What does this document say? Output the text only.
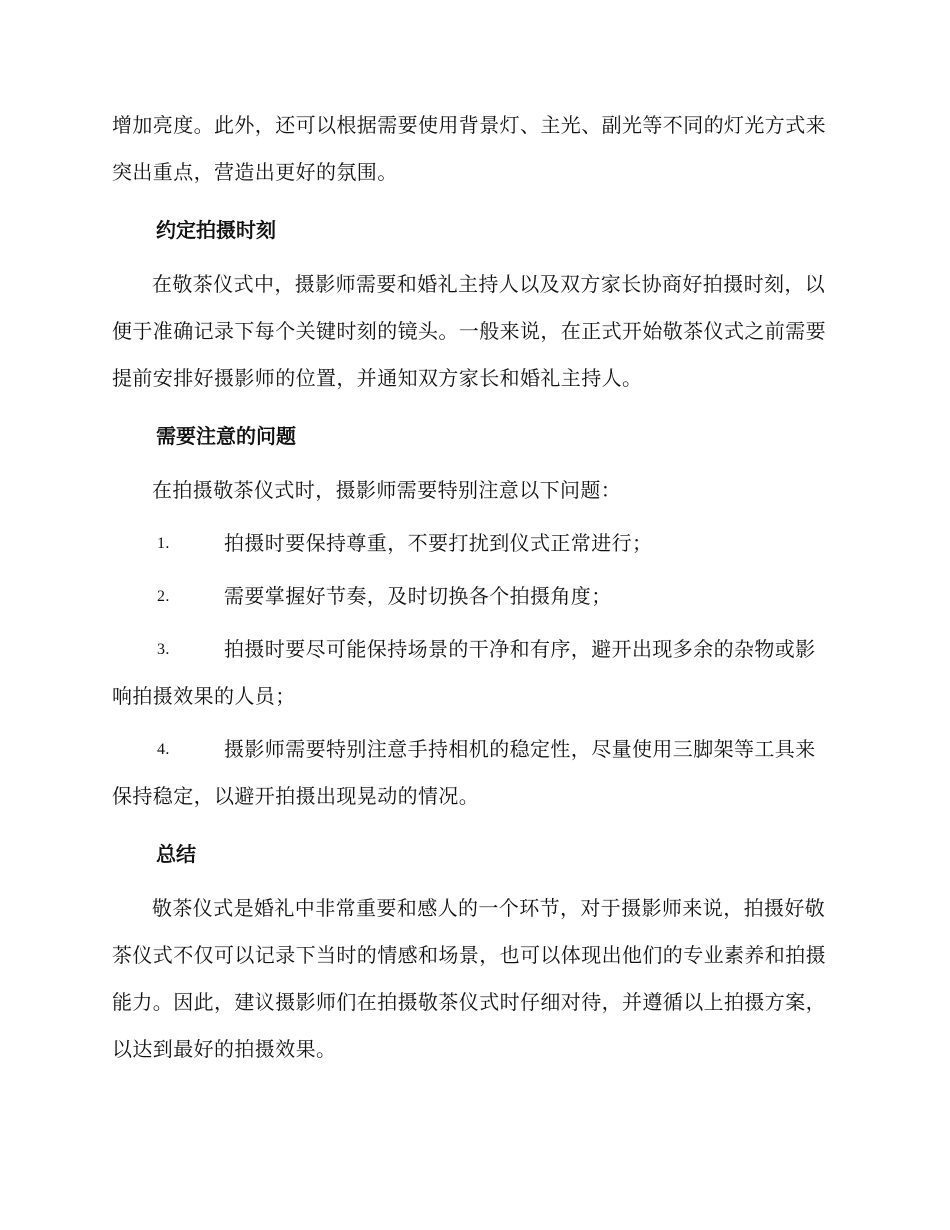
增加亮度。此外，还可以根据需要使用背景灯、主光、副光等不同的灯光方式来突出重点，营造出更好的氛围。

约定拍摄时刻

在敬茶仪式中，摄影师需要和婚礼主持人以及双方家长协商好拍摄时刻，以便于准确记录下每个关键时刻的镜头。一般来说，在正式开始敬茶仪式之前需要提前安排好摄影师的位置，并通知双方家长和婚礼主持人。

需要注意的问题

在拍摄敬茶仪式时，摄影师需要特别注意以下问题：

1.	拍摄时要保持尊重，不要打扰到仪式正常进行；

2.	需要掌握好节奏，及时切换各个拍摄角度；

3.	拍摄时要尽可能保持场景的干净和有序，避开出现多余的杂物或影响拍摄效果的人员；

4.	摄影师需要特别注意手持相机的稳定性，尽量使用三脚架等工具来保持稳定，以避开拍摄出现晃动的情况。

总结

敬茶仪式是婚礼中非常重要和感人的一个环节，对于摄影师来说，拍摄好敬茶仪式不仅可以记录下当时的情感和场景，也可以体现出他们的专业素养和拍摄能力。因此，建议摄影师们在拍摄敬茶仪式时仔细对待，并遵循以上拍摄方案，以达到最好的拍摄效果。
